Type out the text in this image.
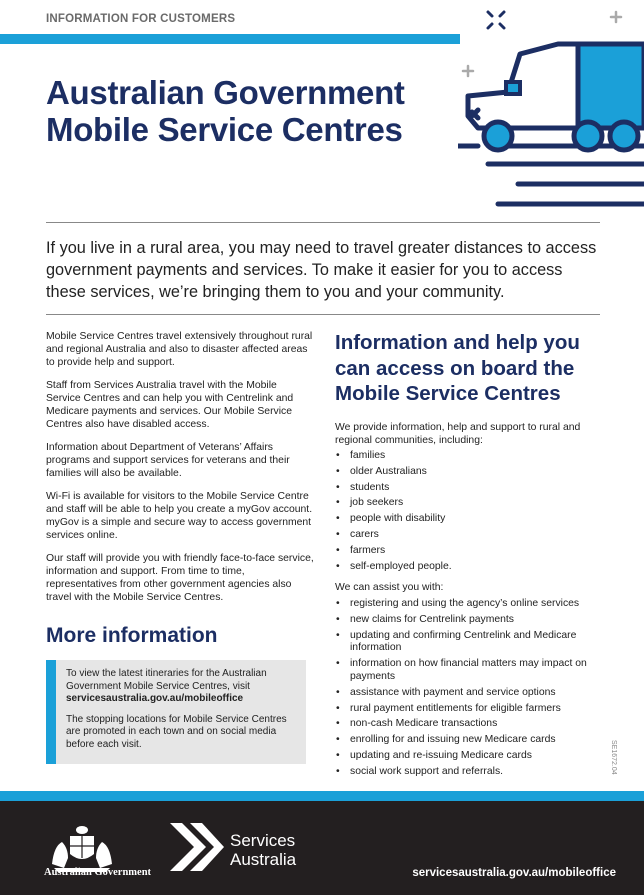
INFORMATION FOR CUSTOMERS
Australian Government
Mobile Service Centres

If you live in a rural area, you may need to travel greater distances to access government payments and services. To make it easier for you to access these services, we’re bringing them to you and your community.

Mobile Service Centres travel extensively throughout rural and regional Australia and also to disaster affected areas to provide help and support.

Staff from Services Australia travel with the Mobile Service Centres and can help you with Centrelink and Medicare payments and services. Our Mobile Service Centres also have disabled access.

Information about Department of Veterans’ Affairs programs and support services for veterans and their families will also be available.

Wi-Fi is available for visitors to the Mobile Service Centre and staff will be able to help you create a myGov account. myGov is a simple and secure way to access government services online.

Our staff will provide you with friendly face-to-face service, information and support. From time to time, representatives from other government agencies also travel with the Mobile Service Centres.

More information

To view the latest itineraries for the Australian Government Mobile Service Centres, visit
servicesaustralia.gov.au/mobileoffice

The stopping locations for Mobile Service Centres are promoted in each town and on social media before each visit.

Information and help you can access on board the Mobile Service Centres

We provide information, help and support to rural and regional communities, including:

• families
• older Australians
• students
• job seekers
• people with disability
• carers
• farmers
• self-employed people.

We can assist you with:

• registering and using the agency’s online services
• new claims for Centrelink payments
• updating and confirming Centrelink and Medicare information
• information on how financial matters may impact on payments
• assistance with payment and service options
• rural payment entitlements for eligible farmers
• non-cash Medicare transactions
• enrolling for and issuing new Medicare cards
• updating and re-issuing Medicare cards
• social work support and referrals.	SE1672.04
Australian Government
Services
Australia
servicesaustralia.gov.au/mobileoffice
